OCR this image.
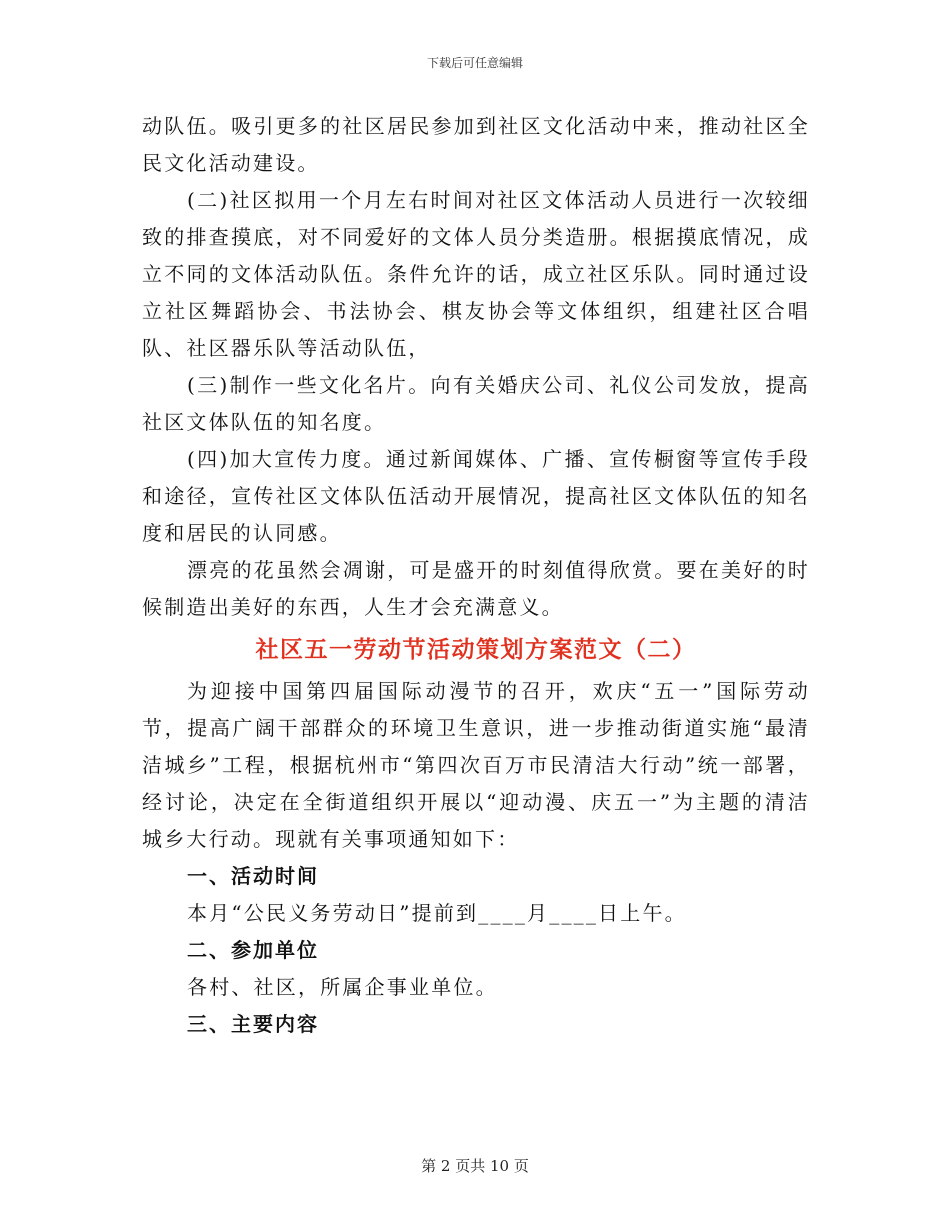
下载后可任意编辑

动队伍。吸引更多的社区居民参加到社区文化活动中来，推动社区全民文化活动建设。

(二)社区拟用一个月左右时间对社区文体活动人员进行一次较细致的排查摸底，对不同爱好的文体人员分类造册。根据摸底情况，成立不同的文体活动队伍。条件允许的话，成立社区乐队。同时通过设立社区舞蹈协会、书法协会、棋友协会等文体组织，组建社区合唱队、社区器乐队等活动队伍，

(三)制作一些文化名片。向有关婚庆公司、礼仪公司发放，提高社区文体队伍的知名度。

(四)加大宣传力度。通过新闻媒体、广播、宣传橱窗等宣传手段和途径，宣传社区文体队伍活动开展情况，提高社区文体队伍的知名度和居民的认同感。

漂亮的花虽然会凋谢，可是盛开的时刻值得欣赏。要在美好的时候制造出美好的东西，人生才会充满意义。

社区五一劳动节活动策划方案范文（二）

为迎接中国第四届国际动漫节的召开，欢庆“五一”国际劳动节，提高广阔干部群众的环境卫生意识，进一步推动街道实施“最清洁城乡”工程，根据杭州市“第四次百万市民清洁大行动”统一部署，经讨论，决定在全街道组织开展以“迎动漫、庆五一”为主题的清洁城乡大行动。现就有关事项通知如下：

一、活动时间

本月“公民义务劳动日”提前到____月____日上午。

二、参加单位

各村、社区，所属企事业单位。

三、主要内容

第 2 页共 10 页
